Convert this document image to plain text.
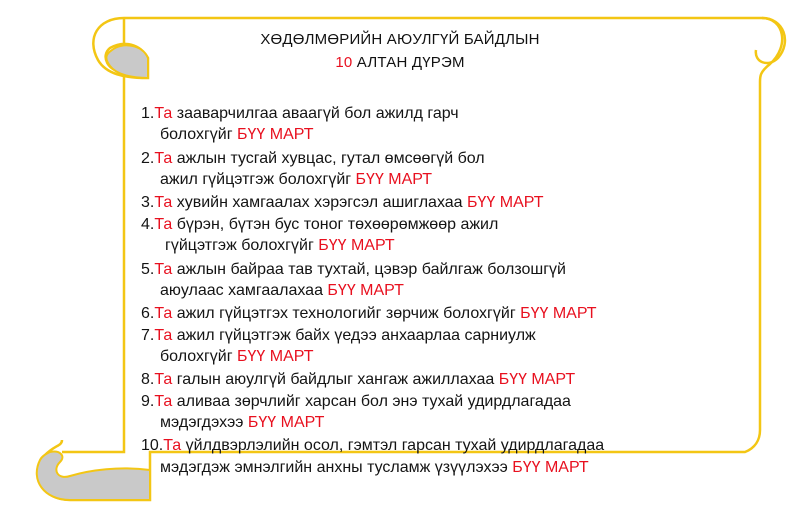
ХӨДӨЛМӨРИЙН АЮУЛГҮЙ БАЙДЛЫН
10 АЛТАН ДҮРЭМ
1.Та зааварчилгаа аваагүй бол ажилд гарч
болохгүйг БҮҮ МАРТ
2.Та ажлын тусгай хувцас, гутал өмсөөгүй бол
ажил гүйцэтгэж болохгүйг БҮҮ МАРТ
3.Та хувийн хамгаалах хэрэгсэл ашиглахаа БҮҮ МАРТ
4.Та бүрэн, бүтэн бус тоног төхөөрөмжөөр ажил
гүйцэтгэж болохгүйг БҮҮ МАРТ
5.Та ажлын байраа тав тухтай, цэвэр байлгаж болзошгүй
аюулаас хамгаалахаа БҮҮ МАРТ
6.Та ажил гүйцэтгэх технологийг зөрчиж болохгүйг БҮҮ МАРТ
7.Та ажил гүйцэтгэж байх үедээ анхаарлаа сарниулж
болохгүйг БҮҮ МАРТ
8.Та галын аюулгүй байдлыг хангаж ажиллахаа БҮҮ МАРТ
9.Та аливаа зөрчлийг харсан бол энэ тухай удирдлагадаа
мэдэгдэхээ БҮҮ МАРТ
10.Та үйлдвэрлэлийн осол, гэмтэл гарсан тухай удирдлагадаа
мэдэгдэж эмнэлгийн анхны тусламж үзүүлэхээ БҮҮ МАРТ
